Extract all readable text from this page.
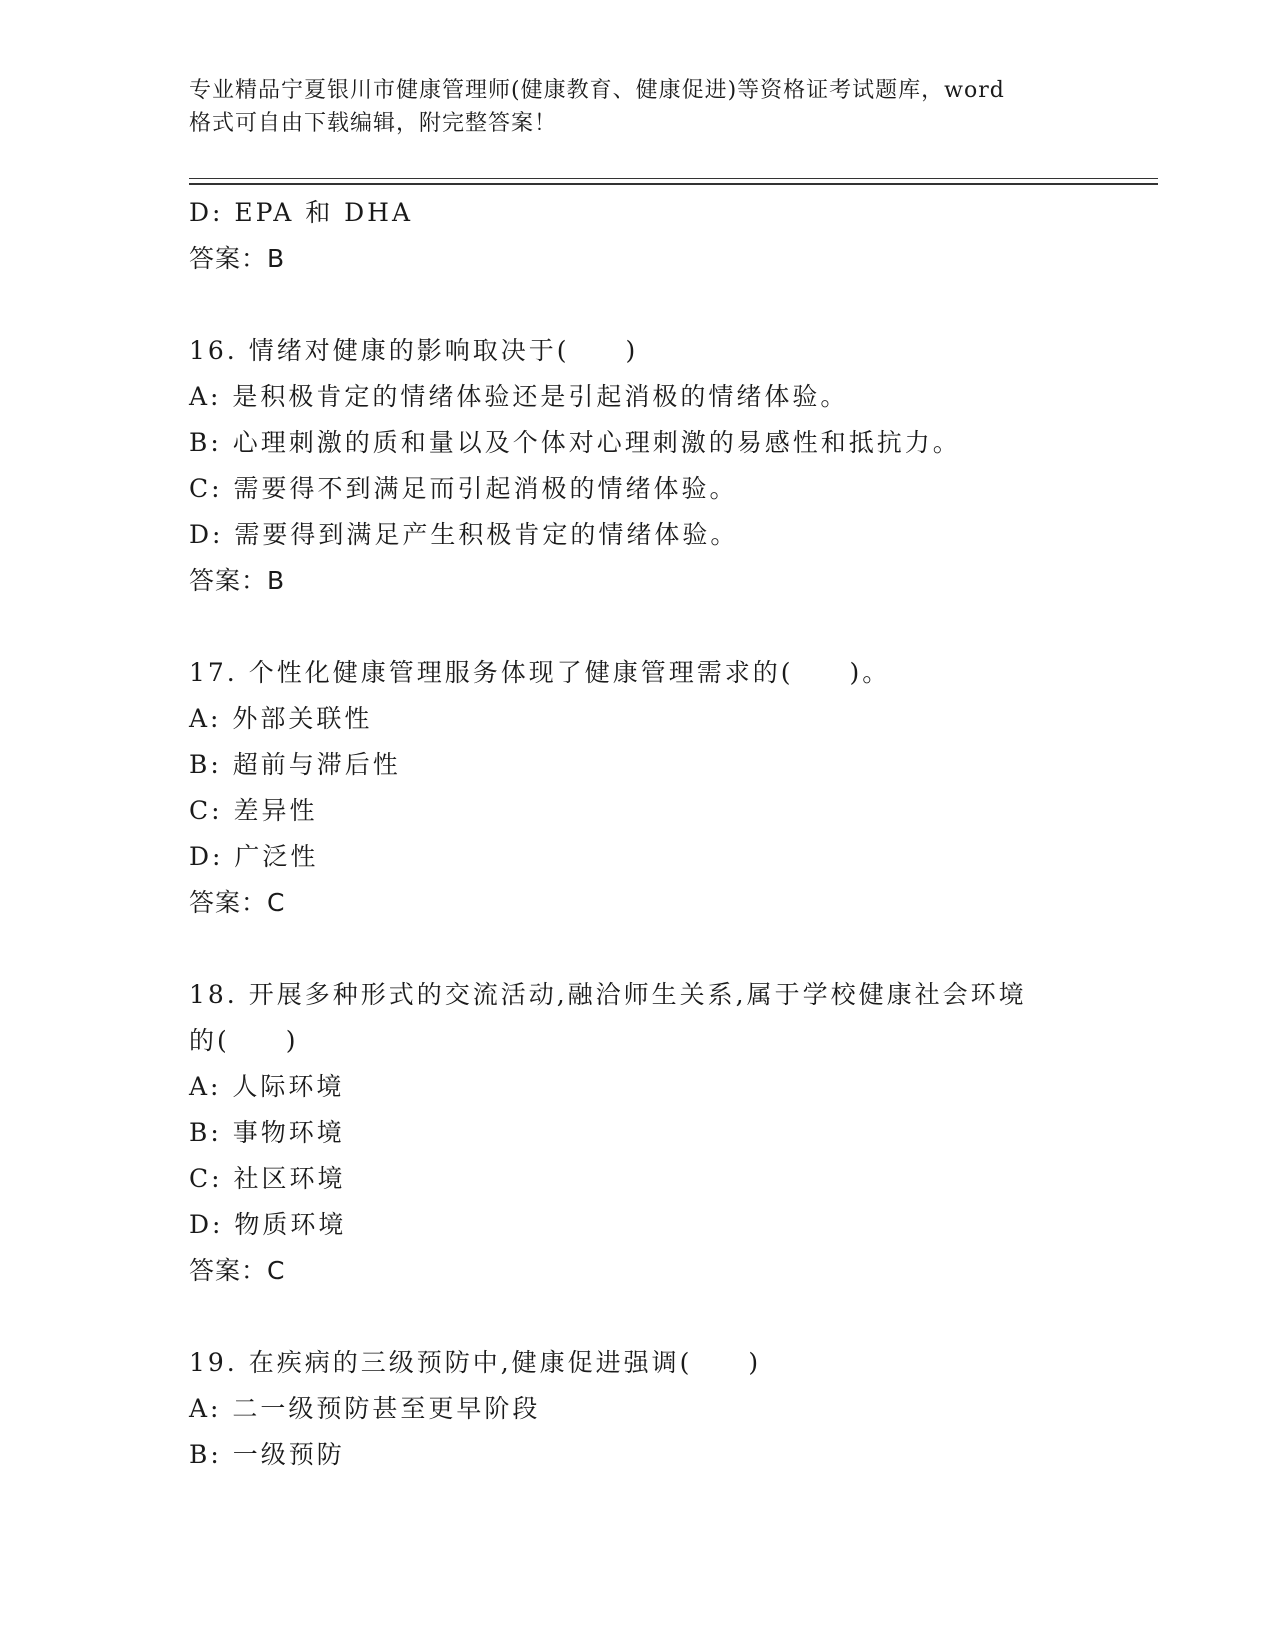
专业精品宁夏银川市健康管理师(健康教育、健康促进)等资格证考试题库，word
格式可自由下载编辑，附完整答案！
D: EPA 和 DHA
答案：B
16. 情绪对健康的影响取决于(　　)
A: 是积极肯定的情绪体验还是引起消极的情绪体验。
B: 心理刺激的质和量以及个体对心理刺激的易感性和抵抗力。
C: 需要得不到满足而引起消极的情绪体验。
D: 需要得到满足产生积极肯定的情绪体验。
答案：B
17. 个性化健康管理服务体现了健康管理需求的(　　)。
A: 外部关联性
B: 超前与滞后性
C: 差异性
D: 广泛性
答案：C
18. 开展多种形式的交流活动,融洽师生关系,属于学校健康社会环境
的(　　)
A: 人际环境
B: 事物环境
C: 社区环境
D: 物质环境
答案：C
19. 在疾病的三级预防中,健康促进强调(　　)
A: 二一级预防甚至更早阶段
B: 一级预防
